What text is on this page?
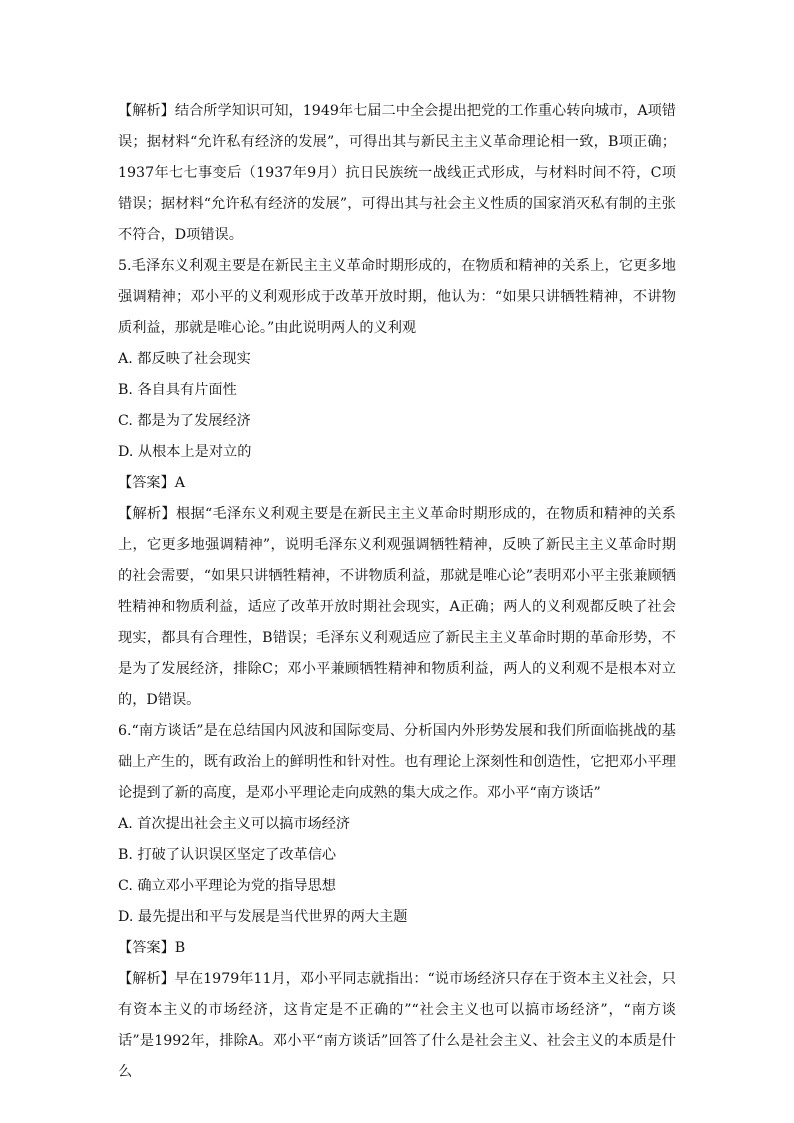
【解析】结合所学知识可知，1949年七届二中全会提出把党的工作重心转向城市，A项错误；据材料“允许私有经济的发展”，可得出其与新民主主义革命理论相一致，B项正确；1937年七七事变后（1937年9月）抗日民族统一战线正式形成，与材料时间不符，C项错误；据材料“允许私有经济的发展”，可得出其与社会主义性质的国家消灭私有制的主张不符合，D项错误。

5.毛泽东义利观主要是在新民主主义革命时期形成的，在物质和精神的关系上，它更多地强调精神；邓小平的义利观形成于改革开放时期，他认为：“如果只讲牺牲精神，不讲物质利益，那就是唯心论。”由此说明两人的义利观

A. 都反映了社会现实

B. 各自具有片面性

C. 都是为了发展经济

D. 从根本上是对立的

【答案】A

【解析】根据“毛泽东义利观主要是在新民主主义革命时期形成的，在物质和精神的关系上，它更多地强调精神”，说明毛泽东义利观强调牺牲精神，反映了新民主主义革命时期的社会需要，“如果只讲牺牲精神，不讲物质利益，那就是唯心论”表明邓小平主张兼顾牺牲精神和物质利益，适应了改革开放时期社会现实，A正确；两人的义利观都反映了社会现实，都具有合理性，B错误；毛泽东义利观适应了新民主主义革命时期的革命形势，不是为了发展经济，排除C；邓小平兼顾牺牲精神和物质利益，两人的义利观不是根本对立的，D错误。

6.“南方谈话”是在总结国内风波和国际变局、分析国内外形势发展和我们所面临挑战的基础上产生的，既有政治上的鲜明性和针对性。也有理论上深刻性和创造性，它把邓小平理论提到了新的高度，是邓小平理论走向成熟的集大成之作。邓小平“南方谈话”

A. 首次提出社会主义可以搞市场经济

B. 打破了认识误区坚定了改革信心

C. 确立邓小平理论为党的指导思想

D. 最先提出和平与发展是当代世界的两大主题

【答案】B

【解析】早在1979年11月，邓小平同志就指出：“说市场经济只存在于资本主义社会，只有资本主义的市场经济，这肯定是不正确的”“社会主义也可以搞市场经济”，“南方谈话”是1992年，排除A。邓小平“南方谈话”回答了什么是社会主义、社会主义的本质是什么
